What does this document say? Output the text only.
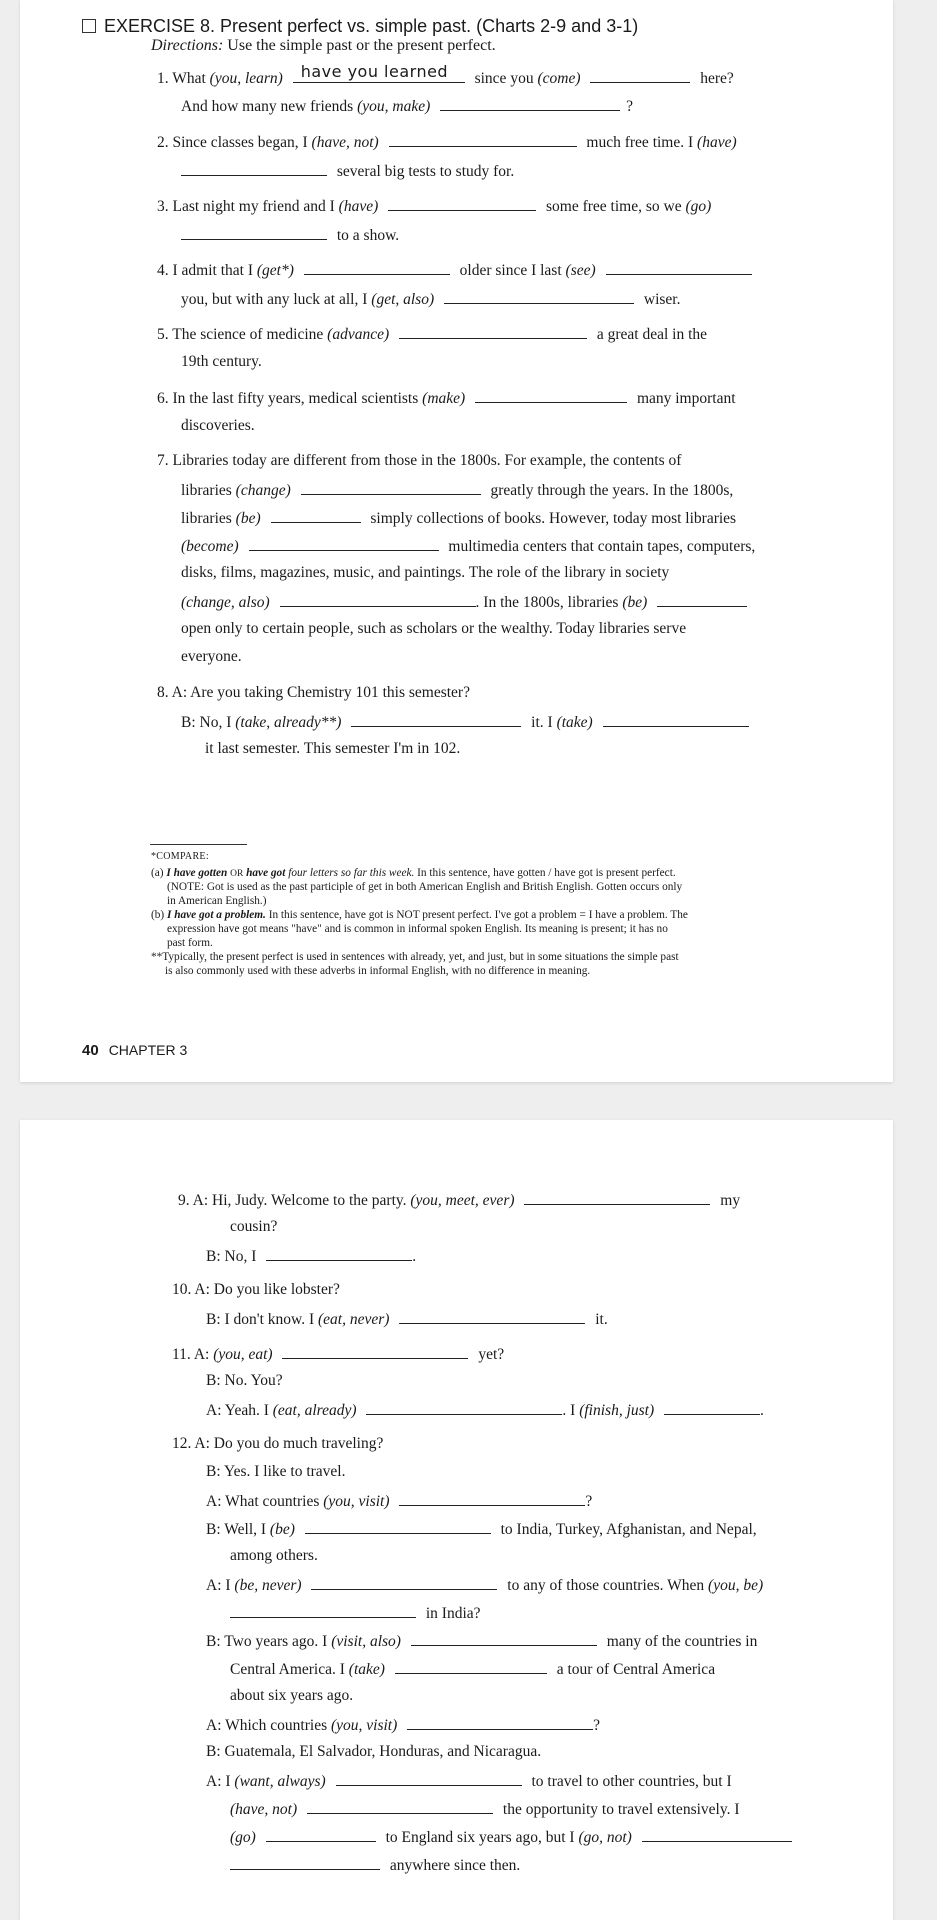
EXERCISE 8. Present perfect vs. simple past. (Charts 2-9 and 3-1)
Directions: Use the simple past or the present perfect.
1. What (you, learn) have you learned since you (come)	here?
And how many new friends (you, make)	?
2. Since classes began, I (have, not)	much free time. I (have)
several big tests to study for.
3. Last night my friend and I (have)	some free time, so we (go)
to a show.
4. I admit that I (get*)	older since I last (see)
you, but with any luck at all, I (get, also)	wiser.
5. The science of medicine (advance)	a great deal in the
19th century.
6. In the last fifty years, medical scientists (make)	many important
discoveries.
7. Libraries today are different from those in the 1800s. For example, the contents of
libraries (change)	greatly through the years. In the 1800s,
libraries (be)	simply collections of books. However, today most libraries
(become)	multimedia centers that contain tapes, computers,
disks, films, magazines, music, and paintings. The role of the library in society
(change, also)	. In the 1800s, libraries (be)
open only to certain people, such as scholars or the wealthy. Today libraries serve
everyone.
8. A: Are you taking Chemistry 101 this semester?
B: No, I (take, already**)	it. I (take)
it last semester. This semester I'm in 102.
*COMPARE:
(a) I have gotten OR have got four letters so far this week. In this sentence, have gotten / have got is present perfect.
(NOTE: Got is used as the past participle of get in both American English and British English. Gotten occurs only
in American English.)
(b) I have got a problem. In this sentence, have got is NOT present perfect. I've got a problem = I have a problem. The
expression have got means "have" and is common in informal spoken English. Its meaning is present; it has no
past form.
**Typically, the present perfect is used in sentences with already, yet, and just, but in some situations the simple past
is also commonly used with these adverbs in informal English, with no difference in meaning.
40 CHAPTER 3
9. A: Hi, Judy. Welcome to the party. (you, meet, ever)	my
cousin?
B: No, I	.
10. A: Do you like lobster?
B: I don't know. I (eat, never)	it.
11. A: (you, eat)	yet?
B: No. You?
A: Yeah. I (eat, already)	. I (finish, just)	.
12. A: Do you do much traveling?
B: Yes. I like to travel.
A: What countries (you, visit)	?
B: Well, I (be)	to India, Turkey, Afghanistan, and Nepal,
among others.
A: I (be, never)	to any of those countries. When (you, be)
in India?
B: Two years ago. I (visit, also)	many of the countries in
Central America. I (take)	a tour of Central America
about six years ago.
A: Which countries (you, visit)	?
B: Guatemala, El Salvador, Honduras, and Nicaragua.
A: I (want, always)	to travel to other countries, but I
(have, not)	the opportunity to travel extensively. I
(go)	to England six years ago, but I (go, not)
anywhere since then.
